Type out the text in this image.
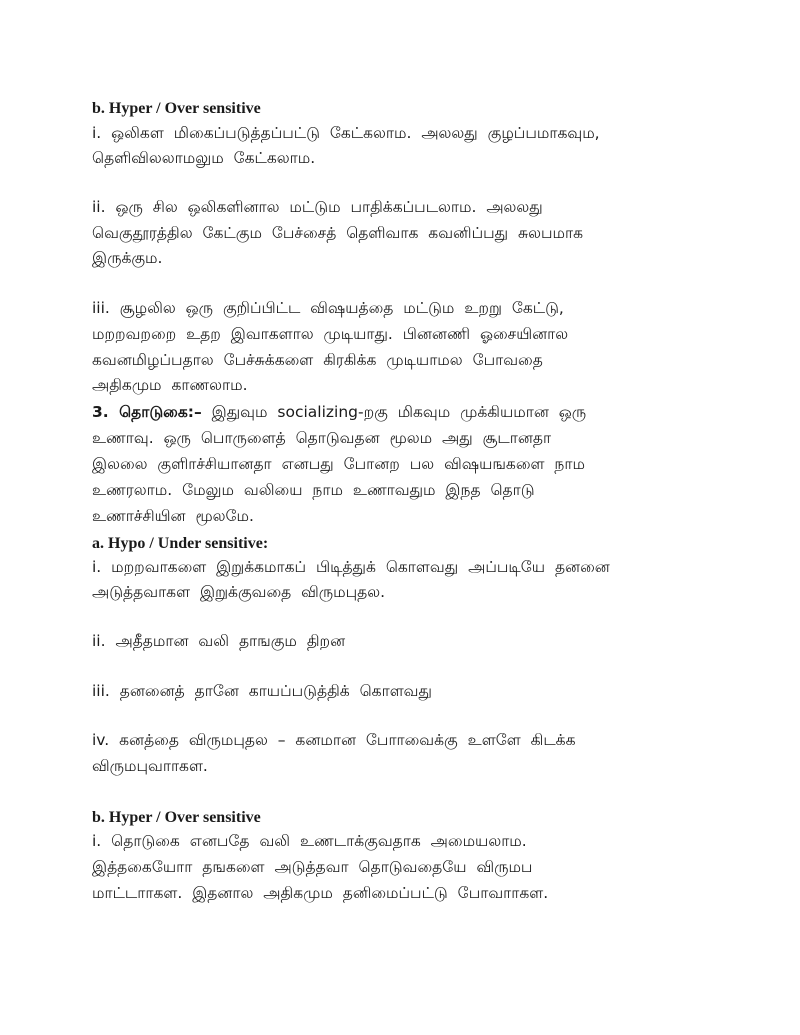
b. Hyper / Over sensitive
i. ஒலிகள மிகைப்படுத்தப்பட்டு கேட்கலாம. அலலது குழப்பமாகவும,
தெளிவிலலாமலும கேட்கலாம.
ii. ஒரு சில ஒலிகளினால மட்டும பாதிக்கப்படலாம. அலலது
வெகுதூரத்தில கேட்கும பேச்சைத் தெளிவாக கவனிப்பது சுலபமாக
இருக்கும.
iii. சூழலில ஒரு குறிப்பிட்ட விஷயத்தை மட்டும உறறு கேட்டு,
மறறவறறை உதற இவாகளால முடியாது. பினனணி ஓசையினால
கவனமிழப்பதால பேச்சுக்களை கிரகிக்க முடியாமல போவதை
அதிகமும காணலாம.
3. தொடுகை:– இதுவும socializing-றகு மிகவும முக்கியமான ஒரு
உணாவு. ஒரு பொருளைத் தொடுவதன மூலம அது சூடானதா
இலலை குளிாச்சியானதா எனபது போனற பல விஷயஙகளை நாம
உணரலாம. மேலும வலியை நாம உணாவதும இநத தொடு
உணாச்சியின மூலமே.
a. Hypo / Under sensitive:
i. மறறவாகளை இறுக்கமாகப் பிடித்துக் கொளவது அப்படியே தனனை
அடுத்தவாகள இறுக்குவதை விருமபுதல.
ii. அதீதமான வலி தாஙகும திறன
iii. தனனைத் தானே காயப்படுத்திக் கொளவது
iv. கனத்தை விருமபுதல – கனமான போாவைக்கு உளளே கிடக்க
விருமபுவாாகள.
b. Hyper / Over sensitive
i. தொடுகை எனபதே வலி உணடாக்குவதாக அமையலாம.
இத்தகையோா தஙகளை அடுத்தவா தொடுவதையே விருமப
மாட்டாாகள. இதனால அதிகமும தனிமைப்பட்டு போவாாகள.
